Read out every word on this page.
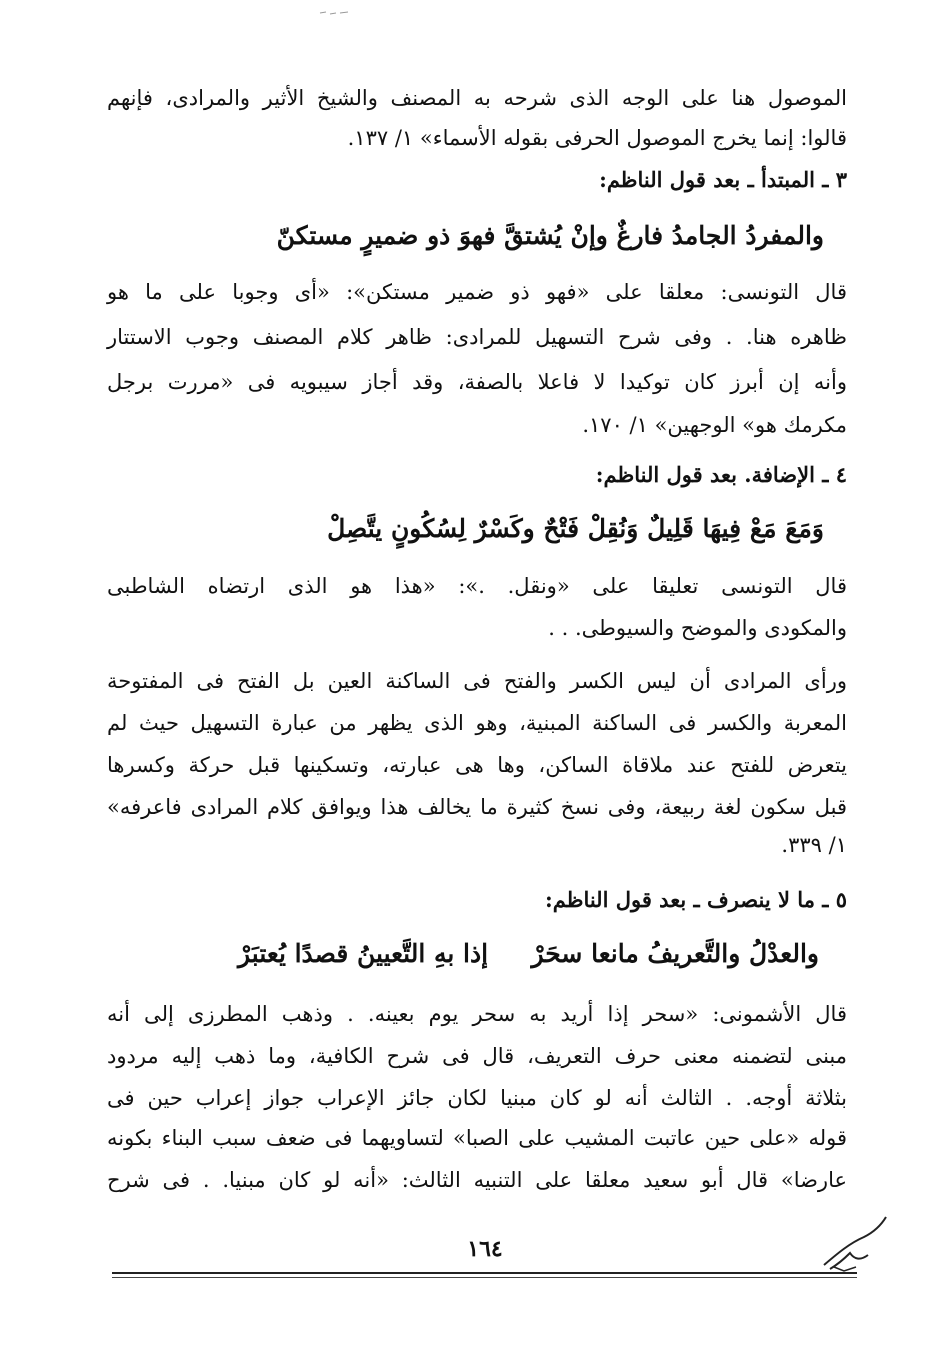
الموصول هنا على الوجه الذى شرحه به المصنف والشيخ الأثير والمرادى، فإنهم
قالوا: إنما يخرج الموصول الحرفى بقوله الأسماء» ١/ ١٣٧.
٣ ـ المبتدأ ـ بعد قول الناظم:
والمفردُ الجامدُ فارغٌ وإنْ يُشتقَّ فهوَ ذو ضميرٍ مستكنّ
قال التونسى: معلقا على «فهو ذو ضمير مستكن»: «أى وجوبا على ما هو
ظاهره هنا. . وفى شرح التسهيل للمرادى: ظاهر كلام المصنف وجوب الاستتار
وأنه إن أبرز كان توكيدا لا فاعلا بالصفة، وقد أجاز سيبويه فى «مررت برجل
مكرمك هو» الوجهين» ١/ ١٧٠.
٤ ـ الإضافة. بعد قول الناظم:
وَمَعَ مَعْ فِيهَا قَلِيلٌ وَنُقِلْ فَتْحٌ وكَسْرٌ لِسُكُونٍ يتَّصِلْ
قال التونسى تعليقا على «ونقل. .»: «هذا هو الذى ارتضاه الشاطبى
والمكودى والموضح والسيوطى. . .
ورأى المرادى أن ليس الكسر والفتح فى الساكنة العين بل الفتح فى المفتوحة
المعربة والكسر فى الساكنة المبنية، وهو الذى يظهر من عبارة التسهيل حيث لم
يتعرض للفتح عند ملاقاة الساكن، وها هى عبارته، وتسكينها قبل حركة وكسرها
قبل سكون لغة ربيعة، وفى نسخ كثيرة ما يخالف هذا ويوافق كلام المرادى فاعرفه»
١/ ٣٣٩.
٥ ـ ما لا ينصرف ـ بعد قول الناظم:
والعدْلُ والتَّعريفُ مانعا سحَرْ
إذا بهِ التَّعيينُ قصدًا يُعتبَرْ
قال الأشمونى: «سحر إذا أريد به سحر يوم بعينه. . وذهب المطرزى إلى أنه
مبنى لتضمنه معنى حرف التعريف، قال فى شرح الكافية، وما ذهب إليه مردود
بثلاثة أوجه. . الثالث أنه لو كان مبنيا لكان جائز الإعراب جواز إعراب حين فى
قوله «على حين عاتبت المشيب على الصبا» لتساويهما فى ضعف سبب البناء بكونه
عارضا» قال أبو سعيد معلقا على التنبيه الثالث: «أنه لو كان مبنيا. . فى شرح
١٦٤
